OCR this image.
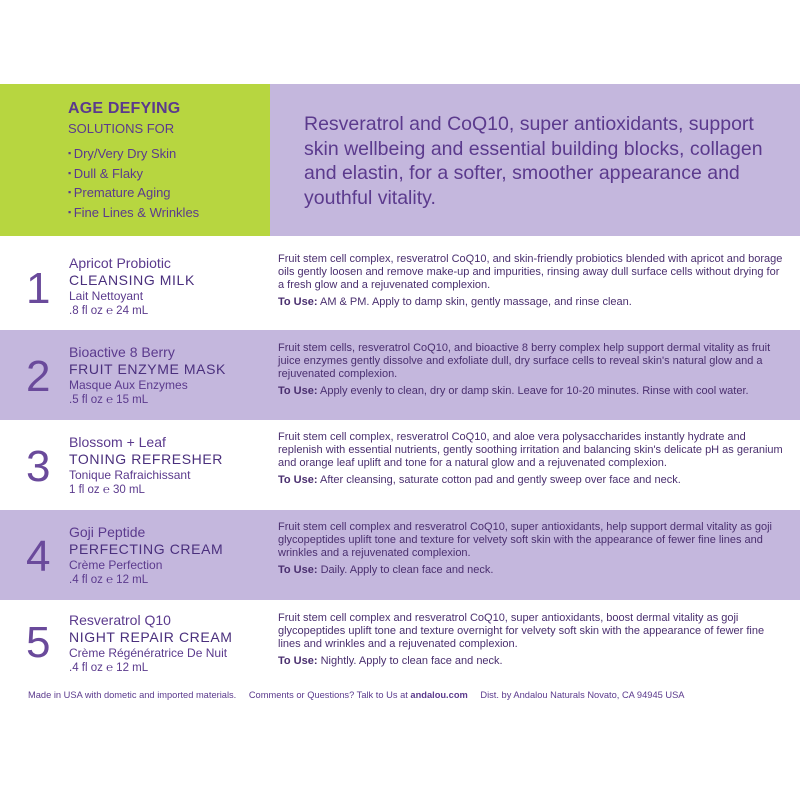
AGE DEFYING
SOLUTIONS FOR
▪ Dry/Very Dry Skin
▪ Dull & Flaky
▪ Premature Aging
▪ Fine Lines & Wrinkles
Resveratrol and CoQ10, super antioxidants, support skin wellbeing and essential building blocks, collagen and elastin, for a softer, smoother appearance and youthful vitality.
1
Apricot Probiotic
CLEANSING MILK
Lait Nettoyant
.8 fl oz ℮ 24 mL
Fruit stem cell complex, resveratrol CoQ10, and skin-friendly probiotics blended with apricot and borage oils gently loosen and remove make-up and impurities, rinsing away dull surface cells without drying for a fresh glow and a rejuvenated complexion.
To Use: AM & PM. Apply to damp skin, gently massage, and rinse clean.
2 Bioactive 8 Berry
FRUIT ENZYME MASK
Masque Aux Enzymes
.5 fl oz ℮ 15 mL
Fruit stem cells, resveratrol CoQ10, and bioactive 8 berry complex help support dermal vitality as fruit juice enzymes gently dissolve and exfoliate dull, dry surface cells to reveal skin's natural glow and a rejuvenated complexion.
To Use: Apply evenly to clean, dry or damp skin. Leave for 10-20 minutes. Rinse with cool water.
3 Blossom + Leaf
TONING REFRESHER
Tonique Rafraichissant
1 fl oz ℮ 30 mL
Fruit stem cell complex, resveratrol CoQ10, and aloe vera polysaccharides instantly hydrate and replenish with essential nutrients, gently soothing irritation and balancing skin's delicate pH as geranium and orange leaf uplift and tone for a natural glow and a rejuvenated complexion.
To Use: After cleansing, saturate cotton pad and gently sweep over face and neck.
4 Goji Peptide
PERFECTING CREAM
Crème Perfection
.4 fl oz ℮ 12 mL
Fruit stem cell complex and resveratrol CoQ10, super antioxidants, help support dermal vitality as goji glycopeptides uplift tone and texture for velvety soft skin with the appearance of fewer fine lines and wrinkles and a rejuvenated complexion.
To Use: Daily. Apply to clean face and neck.
5 Resveratrol Q10
NIGHT REPAIR CREAM
Crème Régénératrice De Nuit
.4 fl oz ℮ 12 mL
Fruit stem cell complex and resveratrol CoQ10, super antioxidants, boost dermal vitality as goji glycopeptides uplift tone and texture overnight for velvety soft skin with the appearance of fewer fine lines and wrinkles and a rejuvenated complexion.
To Use: Nightly. Apply to clean face and neck.
Made in USA with dometic and imported materials. Comments or Questions? Talk to Us at andalou.com Dist. by Andalou Naturals Novato, CA 94945 USA
